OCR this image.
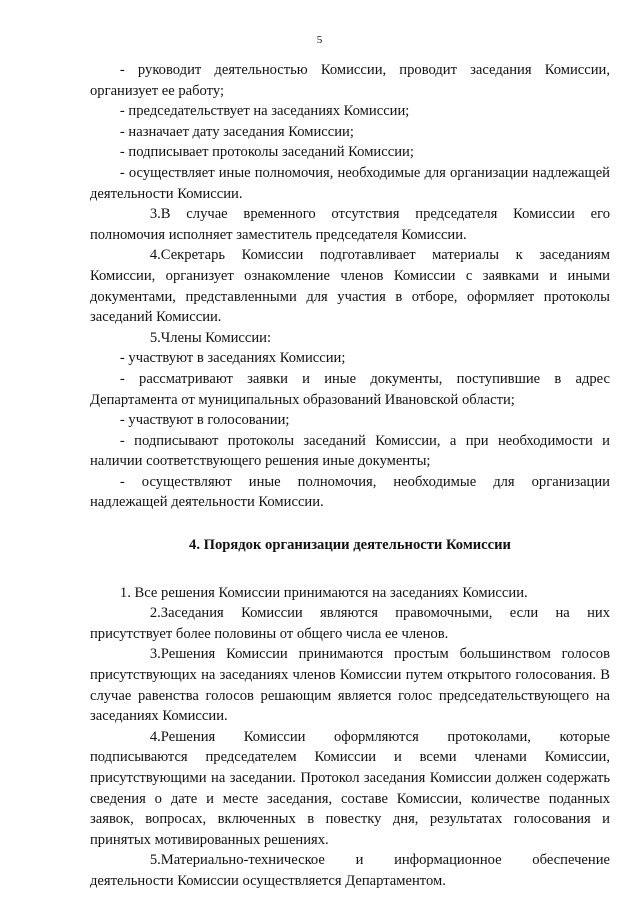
5

- руководит деятельностью Комиссии, проводит заседания Комиссии, организует ее работу;

- председательствует на заседаниях Комиссии;

- назначает дату заседания Комиссии;

- подписывает протоколы заседаний Комиссии;

- осуществляет иные полномочия, необходимые для организации надлежащей деятельности Комиссии.

3.В случае временного отсутствия председателя Комиссии его полномочия исполняет заместитель председателя Комиссии.

4.Секретарь Комиссии подготавливает материалы к заседаниям Комиссии, организует ознакомление членов Комиссии с заявками и иными документами, представленными для участия в отборе, оформляет протоколы заседаний Комиссии.

5.Члены Комиссии:

- участвуют в заседаниях Комиссии;

- рассматривают заявки и иные документы, поступившие в адрес Департамента от муниципальных образований Ивановской области;

- участвуют в голосовании;

- подписывают протоколы заседаний Комиссии, а при необходимости и наличии соответствующего решения иные документы;

- осуществляют иные полномочия, необходимые для организации надлежащей деятельности Комиссии.

4. Порядок организации деятельности Комиссии

1. Все решения Комиссии принимаются на заседаниях Комиссии.

2.Заседания Комиссии являются правомочными, если на них присутствует более половины от общего числа ее членов.

3.Решения Комиссии принимаются простым большинством голосов присутствующих на заседаниях членов Комиссии путем открытого голосования. В случае равенства голосов решающим является голос председательствующего на заседаниях Комиссии.

4.Решения Комиссии оформляются протоколами, которые подписываются председателем Комиссии и всеми членами Комиссии, присутствующими на заседании. Протокол заседания Комиссии должен содержать сведения о дате и месте заседания, составе Комиссии, количестве поданных заявок, вопросах, включенных в повестку дня, результатах голосования и принятых мотивированных решениях.

5.Материально-техническое и информационное обеспечение деятельности Комиссии осуществляется Департаментом.
